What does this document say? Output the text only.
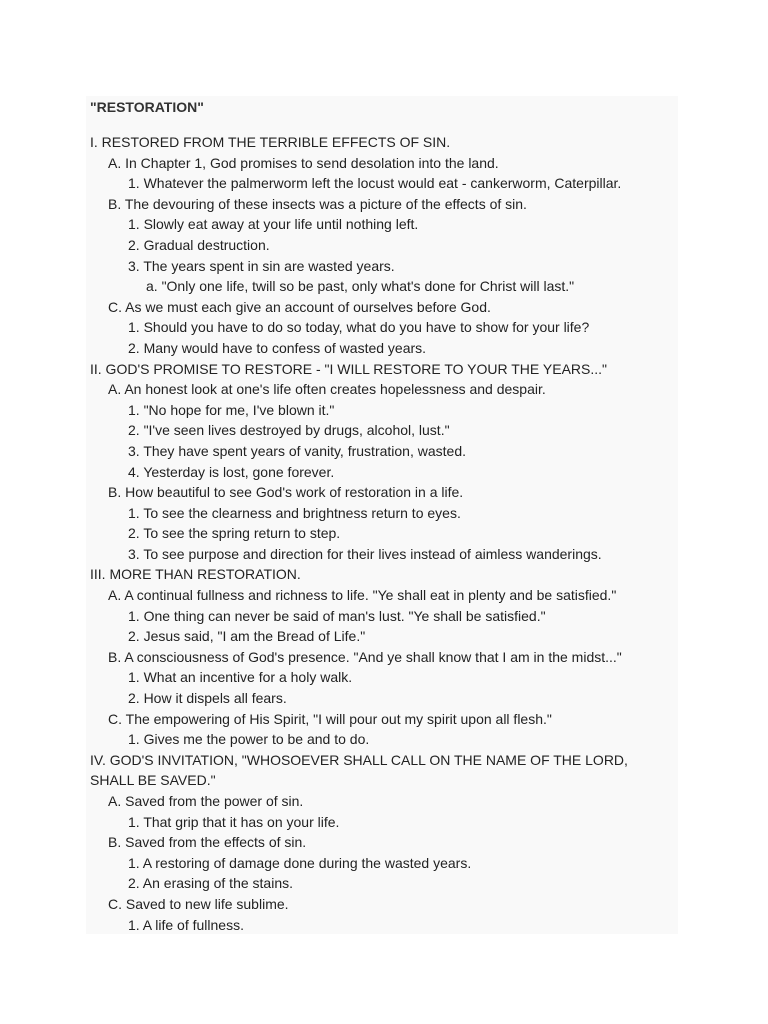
"RESTORATION"
I. RESTORED FROM THE TERRIBLE EFFECTS OF SIN.
A. In Chapter 1, God promises to send desolation into the land.
1. Whatever the palmerworm left the locust would eat - cankerworm, Caterpillar.
B. The devouring of these insects was a picture of the effects of sin.
1. Slowly eat away at your life until nothing left.
2. Gradual destruction.
3. The years spent in sin are wasted years.
a. "Only one life, twill so be past, only what's done for Christ will last."
C. As we must each give an account of ourselves before God.
1. Should you have to do so today, what do you have to show for your life?
2. Many would have to confess of wasted years.
II. GOD'S PROMISE TO RESTORE - "I WILL RESTORE TO YOUR THE YEARS..."
A. An honest look at one's life often creates hopelessness and despair.
1. "No hope for me, I've blown it."
2. "I've seen lives destroyed by drugs, alcohol, lust."
3. They have spent years of vanity, frustration, wasted.
4. Yesterday is lost, gone forever.
B. How beautiful to see God's work of restoration in a life.
1. To see the clearness and brightness return to eyes.
2. To see the spring return to step.
3. To see purpose and direction for their lives instead of aimless wanderings.
III. MORE THAN RESTORATION.
A. A continual fullness and richness to life. "Ye shall eat in plenty and be satisfied."
1. One thing can never be said of man's lust. "Ye shall be satisfied."
2. Jesus said, "I am the Bread of Life."
B. A consciousness of God's presence. "And ye shall know that I am in the midst..."
1. What an incentive for a holy walk.
2. How it dispels all fears.
C. The empowering of His Spirit, "I will pour out my spirit upon all flesh."
1. Gives me the power to be and to do.
IV. GOD'S INVITATION, "WHOSOEVER SHALL CALL ON THE NAME OF THE LORD,
SHALL BE SAVED."
A. Saved from the power of sin.
1. That grip that it has on your life.
B. Saved from the effects of sin.
1. A restoring of damage done during the wasted years.
2. An erasing of the stains.
C. Saved to new life sublime.
1. A life of fullness.
